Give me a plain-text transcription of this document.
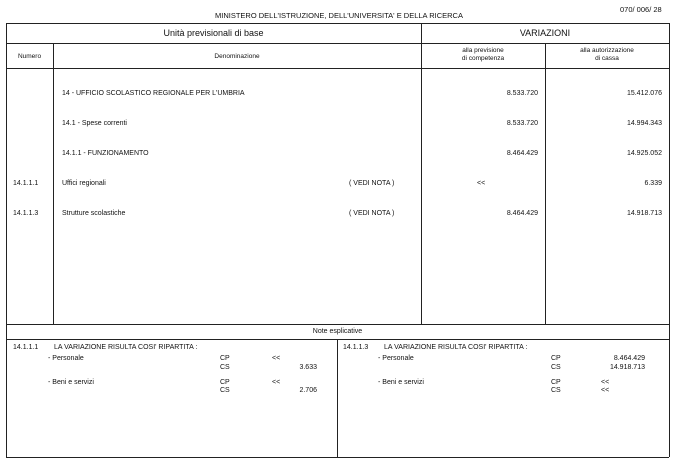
MINISTERO DELL'ISTRUZIONE, DELL'UNIVERSITA' E DELLA RICERCA
070/ 006/ 28
Unità previsionali di base	VARIAZIONI
Numero	Denominazione
alla previsione
di competenza
alla autorizzazione
di cassa
14 - UFFICIO SCOLASTICO REGIONALE PER L'UMBRIA	8.533.720	15.412.076
14.1 - Spese correnti	8.533.720	14.994.343
14.1.1 - FUNZIONAMENTO	8.464.429	14.925.052
14.1.1.1	Uffici regionali	( VEDI NOTA )	<<	6.339
14.1.1.3	Strutture scolastiche	( VEDI NOTA )	8.464.429	14.918.713
Note esplicative
14.1.1.1 LA VARIAZIONE RISULTA COSI' RIPARTITA :
- Personale	CP	<<
CS	3.633
- Beni e servizi	CP	<<
CS	2.706
14.1.1.3 LA VARIAZIONE RISULTA COSI' RIPARTITA :
- Personale	CP	8.464.429
CS	14.918.713
- Beni e servizi	CP	<<
CS	<<
